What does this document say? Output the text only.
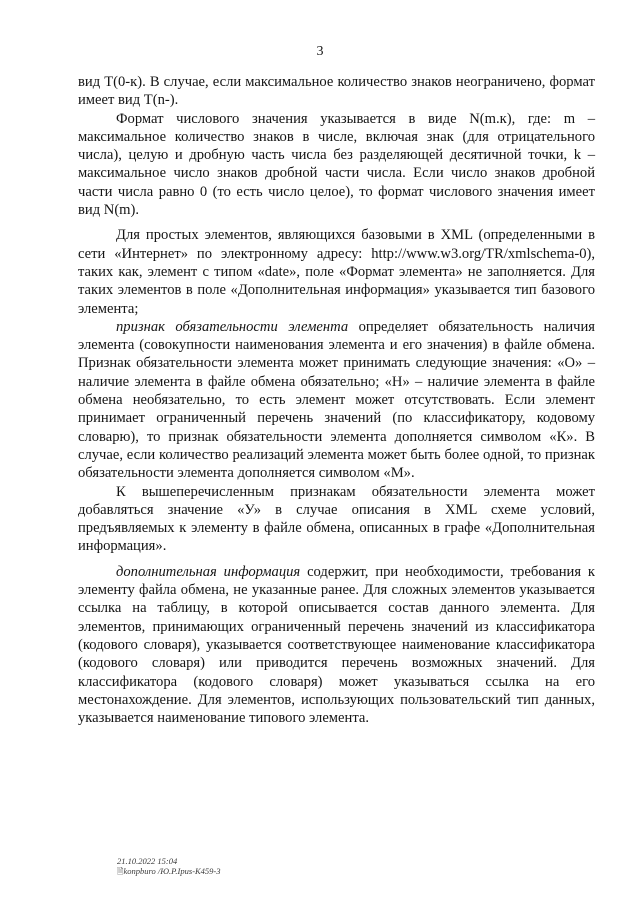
3

вид T(0-к). В случае, если максимальное количество знаков неограничено, формат имеет вид T(n-).

Формат числового значения указывается в виде N(m.к), где: m – максимальное количество знаков в числе, включая знак (для отрицательного числа), целую и дробную часть числа без разделяющей десятичной точки, k – максимальное число знаков дробной части числа. Если число знаков дробной части числа равно 0 (то есть число целое), то формат числового значения имеет вид N(m).

Для простых элементов, являющихся базовыми в XML (определенными в сети «Интернет» по электронному адресу: http://www.w3.org/TR/xmlschema-0), таких как, элемент с типом «date», поле «Формат элемента» не заполняется. Для таких элементов в поле «Дополнительная информация» указывается тип базового элемента;

признак обязательности элемента определяет обязательность наличия элемента (совокупности наименования элемента и его значения) в файле обмена. Признак обязательности элемента может принимать следующие значения: «О» – наличие элемента в файле обмена обязательно; «Н» – наличие элемента в файле обмена необязательно, то есть элемент может отсутствовать. Если элемент принимает ограниченный перечень значений (по классификатору, кодовому словарю), то признак обязательности элемента дополняется символом «К». В случае, если количество реализаций элемента может быть более одной, то признак обязательности элемента дополняется символом «М».

К вышеперечисленным признакам обязательности элемента может добавляться значение «У» в случае описания в XML схеме условий, предъявляемых к элементу в файле обмена, описанных в графе «Дополнительная информация».

дополнительная информация содержит, при необходимости, требования к элементу файла обмена, не указанные ранее. Для сложных элементов указывается ссылка на таблицу, в которой описывается состав данного элемента. Для элементов, принимающих ограниченный перечень значений из классификатора (кодового словаря), указывается соответствующее наименование классификатора (кодового словаря) или приводится перечень возможных значений. Для классификатора (кодового словаря) может указываться ссылка на его местонахождение. Для элементов, использующих пользовательский тип данных, указывается наименование типового элемента.

21.10.2022 15:04
🗎konpburo /Ю.Р.Ipus-К459-3
